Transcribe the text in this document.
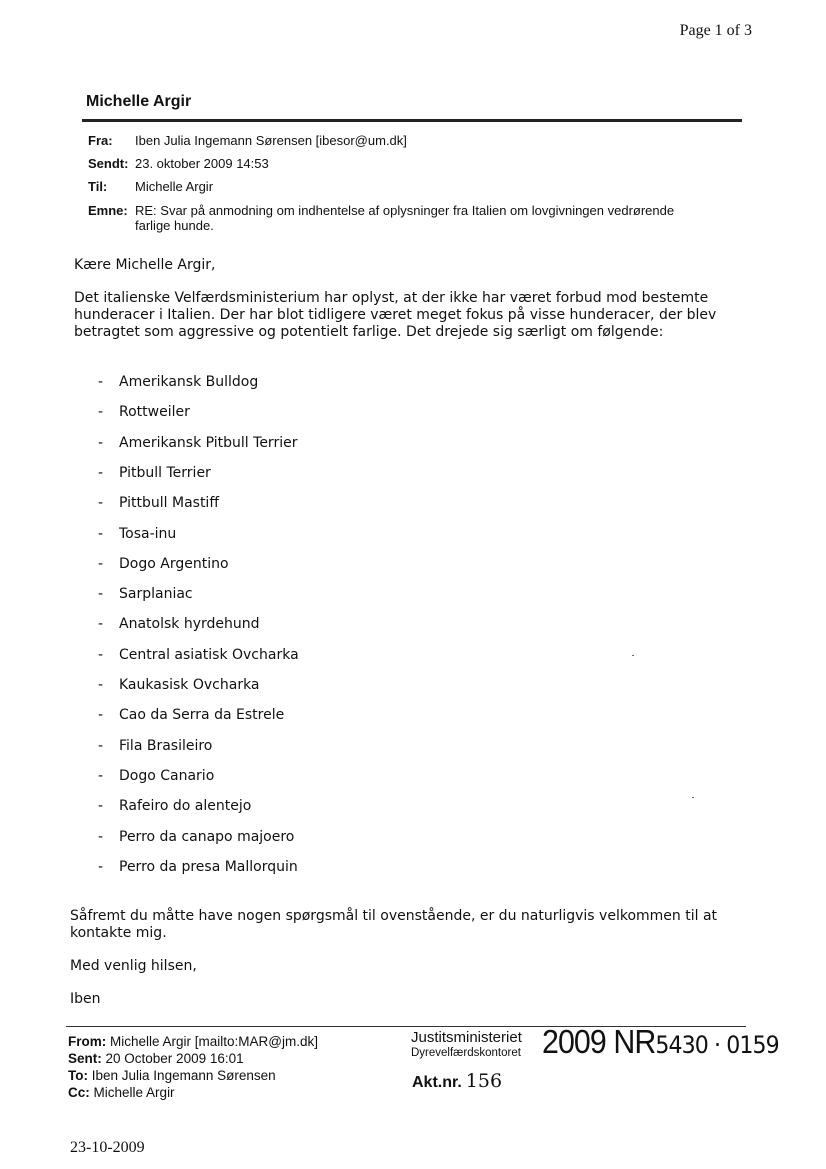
Page 1 of 3
Michelle Argir
Fra: Iben Julia Ingemann Sørensen [ibesor@um.dk]
Sendt: 23. oktober 2009 14:53
Til: Michelle Argir
Emne: RE: Svar på anmodning om indhentelse af oplysninger fra Italien om lovgivningen vedrørende
farlige hunde.
Kære Michelle Argir,
Det italienske Velfærdsministerium har oplyst, at der ikke har været forbud mod bestemte
hunderacer i Italien. Der har blot tidligere været meget fokus på visse hunderacer, der blev
betragtet som aggressive og potentielt farlige. Det drejede sig særligt om følgende:
- Amerikansk Bulldog
- Rottweiler
- Amerikansk Pitbull Terrier
- Pitbull Terrier
- Pittbull Mastiff
- Tosa-inu
- Dogo Argentino
- Sarplaniac
- Anatolsk hyrdehund
- Central asiatisk Ovcharka
- Kaukasisk Ovcharka
- Cao da Serra da Estrele
- Fila Brasileiro
- Dogo Canario
- Rafeiro do alentejo
- Perro da canapo majoero
- Perro da presa Mallorquin
Såfremt du måtte have nogen spørgsmål til ovenstående, er du naturligvis velkommen til at
kontakte mig.
Med venlig hilsen,
Iben
From: Michelle Argir [mailto:MAR@jm.dk]
Sent: 20 October 2009 16:01
To: Iben Julia Ingemann Sørensen
Cc: Michelle Argir
Justitsministeriet
Dyrevelfærdskontoret 2009 NR5430 · 0159
Akt.nr. 156
23-10-2009
